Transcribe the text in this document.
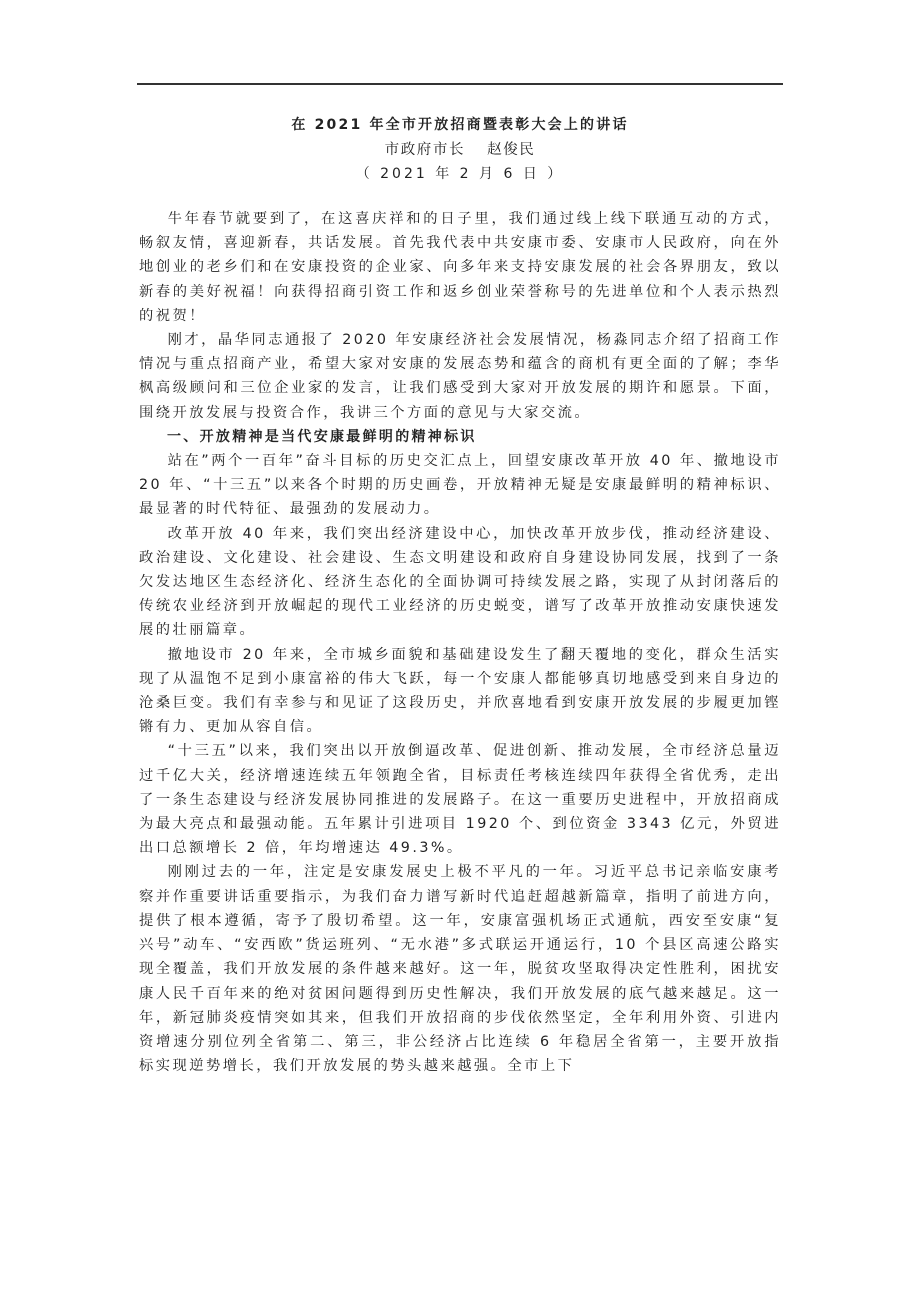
在 2021 年全市开放招商暨表彰大会上的讲话

市政府市长 赵俊民

（ 2021 年 2 月 6 日 ）

牛年春节就要到了，在这喜庆祥和的日子里，我们通过线上线下联通互动的方式，畅叙友情，喜迎新春，共话发展。首先我代表中共安康市委、安康市人民政府，向在外地创业的老乡们和在安康投资的企业家、向多年来支持安康发展的社会各界朋友，致以新春的美好祝福！向获得招商引资工作和返乡创业荣誉称号的先进单位和个人表示热烈的祝贺！

刚才，晶华同志通报了 2020 年安康经济社会发展情况，杨淼同志介绍了招商工作情况与重点招商产业，希望大家对安康的发展态势和蕴含的商机有更全面的了解；李华枫高级顾问和三位企业家的发言，让我们感受到大家对开放发展的期许和愿景。下面，围绕开放发展与投资合作，我讲三个方面的意见与大家交流。

一、开放精神是当代安康最鲜明的精神标识

站在”两个一百年”奋斗目标的历史交汇点上，回望安康改革开放 40 年、撤地设市 20 年、“十三五”以来各个时期的历史画卷，开放精神无疑是安康最鲜明的精神标识、最显著的时代特征、最强劲的发展动力。

改革开放 40 年来，我们突出经济建设中心，加快改革开放步伐，推动经济建设、政治建设、文化建设、社会建设、生态文明建设和政府自身建设协同发展，找到了一条欠发达地区生态经济化、经济生态化的全面协调可持续发展之路，实现了从封闭落后的传统农业经济到开放崛起的现代工业经济的历史蜕变，谱写了改革开放推动安康快速发展的壮丽篇章。

撤地设市 20 年来，全市城乡面貌和基础建设发生了翻天覆地的变化，群众生活实现了从温饱不足到小康富裕的伟大飞跃，每一个安康人都能够真切地感受到来自身边的沧桑巨变。我们有幸参与和见证了这段历史，并欣喜地看到安康开放发展的步履更加铿锵有力、更加从容自信。

“十三五”以来，我们突出以开放倒逼改革、促进创新、推动发展，全市经济总量迈过千亿大关，经济增速连续五年领跑全省，目标责任考核连续四年获得全省优秀，走出了一条生态建设与经济发展协同推进的发展路子。在这一重要历史进程中，开放招商成为最大亮点和最强动能。五年累计引进项目 1920 个、到位资金 3343 亿元，外贸进出口总额增长 2 倍，年均增速达 49.3%。

刚刚过去的一年，注定是安康发展史上极不平凡的一年。习近平总书记亲临安康考察并作重要讲话重要指示，为我们奋力谱写新时代追赶超越新篇章，指明了前进方向，提供了根本遵循，寄予了殷切希望。这一年，安康富强机场正式通航，西安至安康“复兴号”动车、“安西欧”货运班列、“无水港”多式联运开通运行，10 个县区高速公路实现全覆盖，我们开放发展的条件越来越好。这一年，脱贫攻坚取得决定性胜利，困扰安康人民千百年来的绝对贫困问题得到历史性解决，我们开放发展的底气越来越足。这一年，新冠肺炎疫情突如其来，但我们开放招商的步伐依然坚定，全年利用外资、引进内资增速分别位列全省第二、第三，非公经济占比连续 6 年稳居全省第一，主要开放指标实现逆势增长，我们开放发展的势头越来越强。全市上下
